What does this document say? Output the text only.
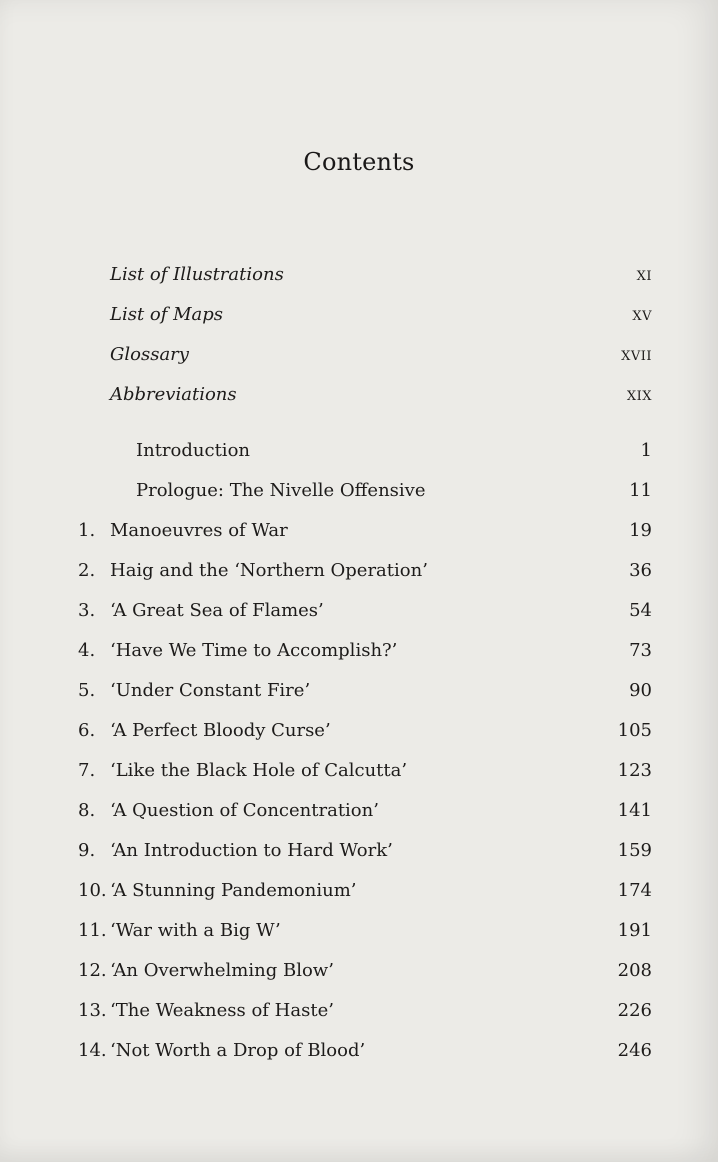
Contents
List of Illustrations	xi
List of Maps	xv
Glossary	xvii
Abbreviations	xix
Introduction	1
Prologue: The Nivelle Offensive	11
1. Manoeuvres of War	19
2. Haig and the ‘Northern Operation’	36
3. ‘A Great Sea of Flames’	54
4. ‘Have We Time to Accomplish?’	73
5. ‘Under Constant Fire’	90
6. ‘A Perfect Bloody Curse’	105
7. ‘Like the Black Hole of Calcutta’	123
8. ‘A Question of Concentration’	141
9. ‘An Introduction to Hard Work’	159
10. ‘A Stunning Pandemonium’	174
11. ‘War with a Big W’	191
12. ‘An Overwhelming Blow’	208
13. ‘The Weakness of Haste’	226
14. ‘Not Worth a Drop of Blood’	246
